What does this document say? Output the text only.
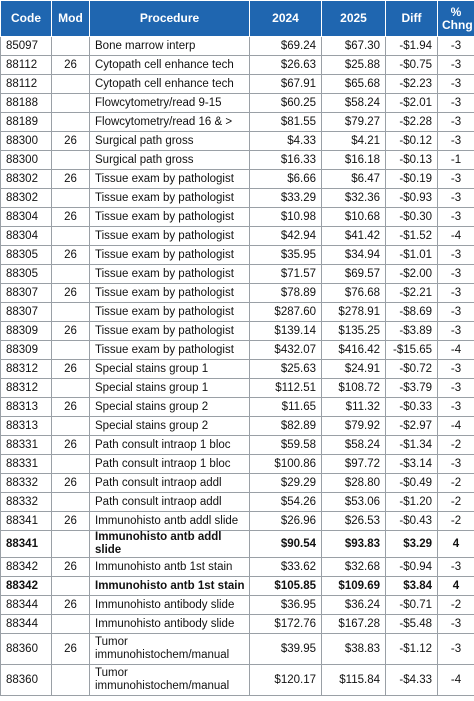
Code	Mod	Procedure	2024	2025	Diff	% Chng
85097		Bone marrow interp	$69.24	$67.30	-$1.94	-3
88112	26	Cytopath cell enhance tech	$26.63	$25.88	-$0.75	-3
88112		Cytopath cell enhance tech	$67.91	$65.68	-$2.23	-3
88188		Flowcytometry/read 9-15	$60.25	$58.24	-$2.01	-3
88189		Flowcytometry/read 16 & >	$81.55	$79.27	-$2.28	-3
88300	26	Surgical path gross	$4.33	$4.21	-$0.12	-3
88300		Surgical path gross	$16.33	$16.18	-$0.13	-1
88302	26	Tissue exam by pathologist	$6.66	$6.47	-$0.19	-3
88302		Tissue exam by pathologist	$33.29	$32.36	-$0.93	-3
88304	26	Tissue exam by pathologist	$10.98	$10.68	-$0.30	-3
88304		Tissue exam by pathologist	$42.94	$41.42	-$1.52	-4
88305	26	Tissue exam by pathologist	$35.95	$34.94	-$1.01	-3
88305		Tissue exam by pathologist	$71.57	$69.57	-$2.00	-3
88307	26	Tissue exam by pathologist	$78.89	$76.68	-$2.21	-3
88307		Tissue exam by pathologist	$287.60	$278.91	-$8.69	-3
88309	26	Tissue exam by pathologist	$139.14	$135.25	-$3.89	-3
88309		Tissue exam by pathologist	$432.07	$416.42	-$15.65	-4
88312	26	Special stains group 1	$25.63	$24.91	-$0.72	-3
88312		Special stains group 1	$112.51	$108.72	-$3.79	-3
88313	26	Special stains group 2	$11.65	$11.32	-$0.33	-3
88313		Special stains group 2	$82.89	$79.92	-$2.97	-4
88331	26	Path consult intraop 1 bloc	$59.58	$58.24	-$1.34	-2
88331		Path consult intraop 1 bloc	$100.86	$97.72	-$3.14	-3
88332	26	Path consult intraop addl	$29.29	$28.80	-$0.49	-2
88332		Path consult intraop addl	$54.26	$53.06	-$1.20	-2
88341	26	Immunohisto antb addl slide	$26.96	$26.53	-$0.43	-2
88341		Immunohisto antb addl slide	$90.54	$93.83	$3.29	4
88342	26	Immunohisto antb 1st stain	$33.62	$32.68	-$0.94	-3
88342		Immunohisto antb 1st stain	$105.85	$109.69	$3.84	4
88344	26	Immunohisto antibody slide	$36.95	$36.24	-$0.71	-2
88344		Immunohisto antibody slide	$172.76	$167.28	-$5.48	-3
88360	26	Tumor immunohistochem/manual	$39.95	$38.83	-$1.12	-3
88360		Tumor immunohistochem/manual	$120.17	$115.84	-$4.33	-4
